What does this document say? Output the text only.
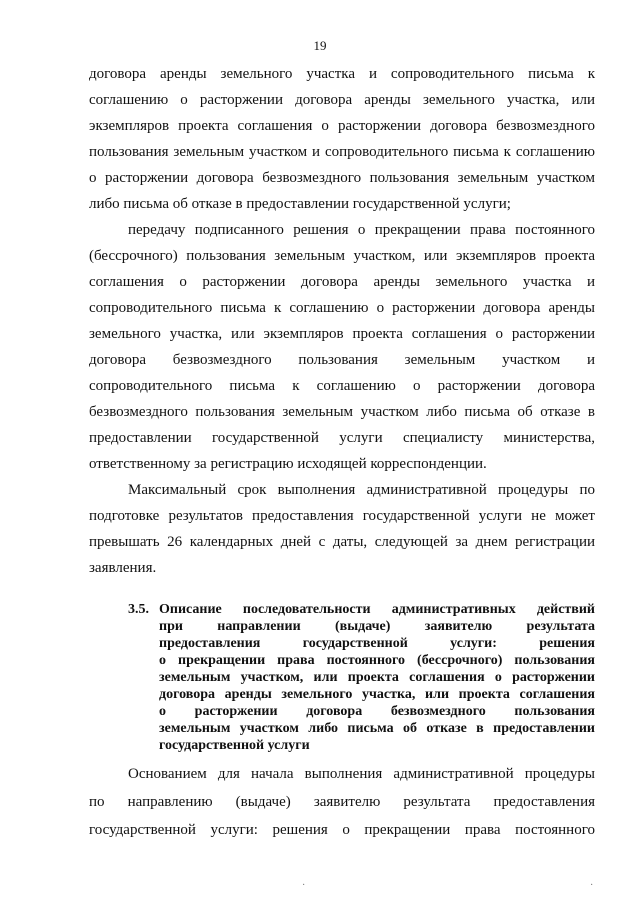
19
договора аренды земельного участка и сопроводительного письма к
соглашению о расторжении договора аренды земельного участка, или
экземпляров проекта соглашения о расторжении договора безвозмездного
пользования земельным участком и сопроводительного письма к соглашению
о расторжении договора безвозмездного пользования земельным участком
либо письма об отказе в предоставлении государственной услуги;
передачу подписанного решения о прекращении права постоянного
(бессрочного) пользования земельным участком, или экземпляров проекта
соглашения о расторжении договора аренды земельного участка и
сопроводительного письма к соглашению о расторжении договора аренды
земельного участка, или экземпляров проекта соглашения о расторжении
договора безвозмездного пользования земельным участком и
сопроводительного письма к соглашению о расторжении договора
безвозмездного пользования земельным участком либо письма об отказе в
предоставлении государственной услуги специалисту министерства,
ответственному за регистрацию исходящей корреспонденции.
Максимальный срок выполнения административной процедуры по
подготовке результатов предоставления государственной услуги не может
превышать 26 календарных дней с даты, следующей за днем регистрации
заявления.
3.5. Описание последовательности административных действий
при направлении (выдаче) заявителю результата
предоставления государственной услуги: решения
о прекращении права постоянного (бессрочного) пользования
земельным участком, или проекта соглашения о расторжении
договора аренды земельного участка, или проекта соглашения
о расторжении договора безвозмездного пользования
земельным участком либо письма об отказе в предоставлении
государственной услуги
Основанием для начала выполнения административной процедуры
по направлению (выдаче) заявителю результата предоставления
государственной услуги: решения о прекращении права постоянного
·	·
